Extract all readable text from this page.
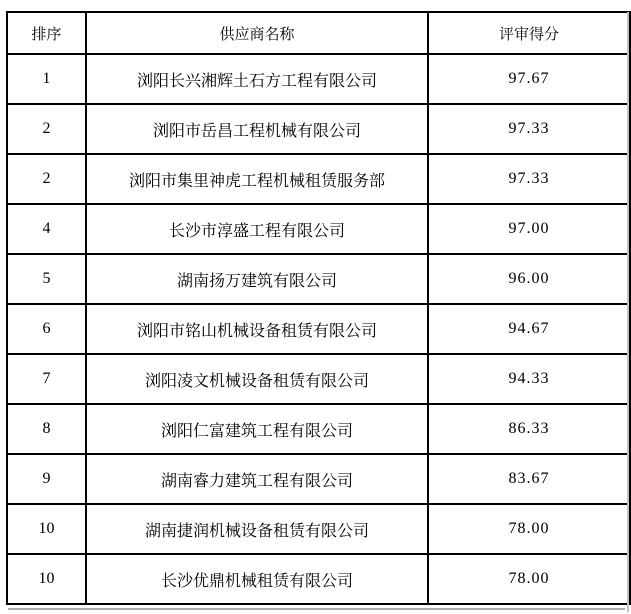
排序	供应商名称	评审得分
1	浏阳长兴湘辉土石方工程有限公司	97.67
2	浏阳市岳昌工程机械有限公司	97.33
2	浏阳市集里神虎工程机械租赁服务部	97.33
4	长沙市淳盛工程有限公司	97.00
5	湖南扬万建筑有限公司	96.00
6	浏阳市铭山机械设备租赁有限公司	94.67
7	浏阳凌文机械设备租赁有限公司	94.33
8	浏阳仁富建筑工程有限公司	86.33
9	湖南睿力建筑工程有限公司	83.67
10	湖南捷润机械设备租赁有限公司	78.00
10	长沙优鼎机械租赁有限公司	78.00
